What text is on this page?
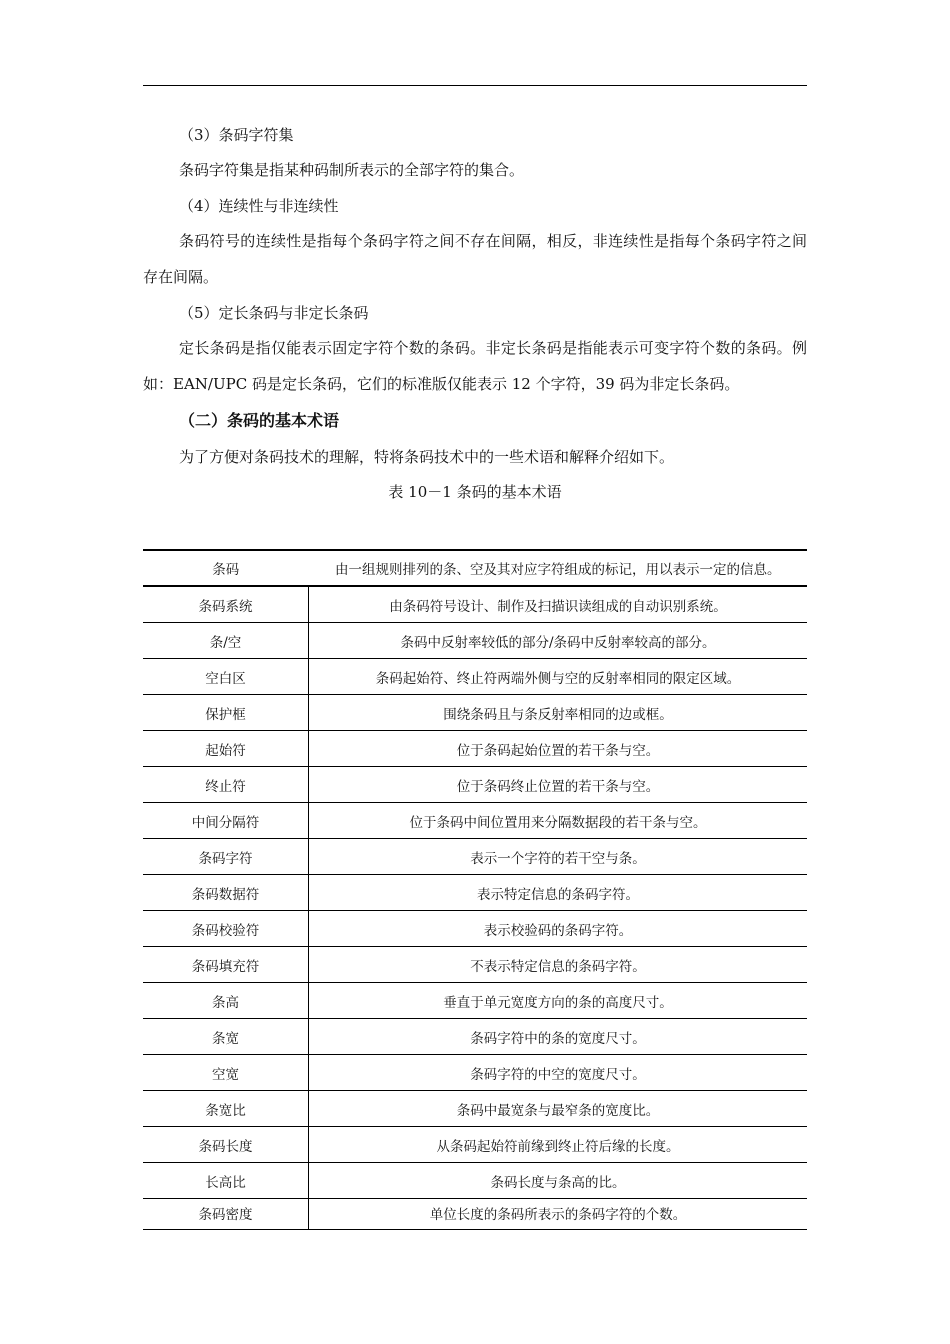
（3）条码字符集

条码字符集是指某种码制所表示的全部字符的集合。

（4）连续性与非连续性

条码符号的连续性是指每个条码字符之间不存在间隔，相反，非连续性是指每个条码字符之间存在间隔。

（5）定长条码与非定长条码

定长条码是指仅能表示固定字符个数的条码。非定长条码是指能表示可变字符个数的条码。例如：EAN/UPC 码是定长条码，它们的标准版仅能表示 12 个字符，39 码为非定长条码。

（二）条码的基本术语

为了方便对条码技术的理解，特将条码技术中的一些术语和解释介绍如下。

表 10－1 条码的基本术语

条码	由一组规则排列的条、空及其对应字符组成的标记，用以表示一定的信息。
条码系统	由条码符号设计、制作及扫描识读组成的自动识别系统。
条/空	条码中反射率较低的部分/条码中反射率较高的部分。
空白区	条码起始符、终止符两端外侧与空的反射率相同的限定区域。
保护框	围绕条码且与条反射率相同的边或框。
起始符	位于条码起始位置的若干条与空。
终止符	位于条码终止位置的若干条与空。
中间分隔符	位于条码中间位置用来分隔数据段的若干条与空。
条码字符	表示一个字符的若干空与条。
条码数据符	表示特定信息的条码字符。
条码校验符	表示校验码的条码字符。
条码填充符	不表示特定信息的条码字符。
条高	垂直于单元宽度方向的条的高度尺寸。
条宽	条码字符中的条的宽度尺寸。
空宽	条码字符的中空的宽度尺寸。
条宽比	条码中最宽条与最窄条的宽度比。
条码长度	从条码起始符前缘到终止符后缘的长度。
长高比	条码长度与条高的比。
条码密度	单位长度的条码所表示的条码字符的个数。
